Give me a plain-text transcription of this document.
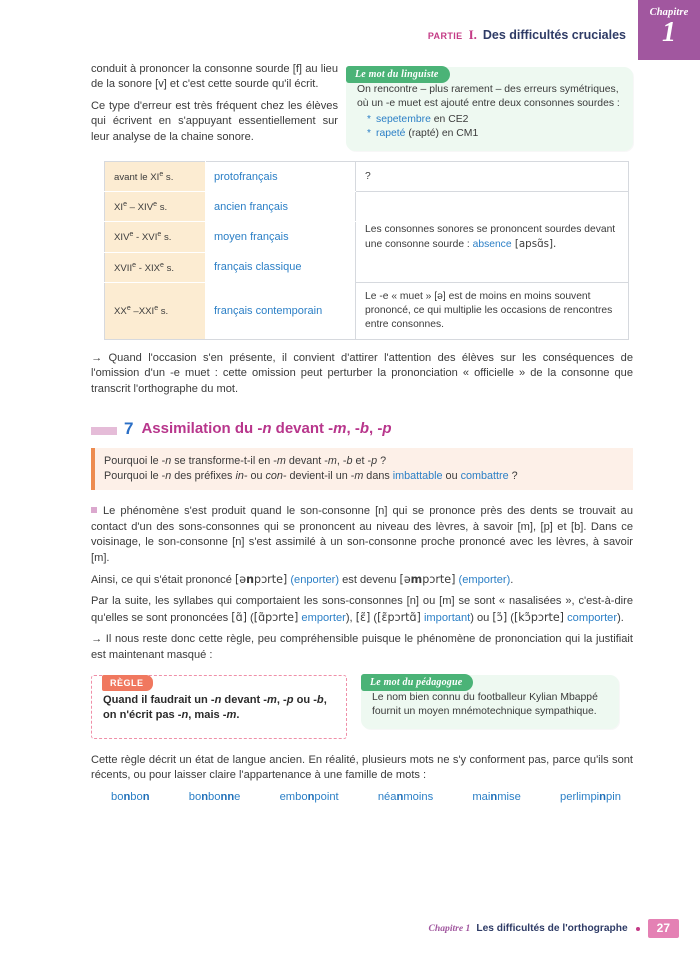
Chapitre
1
PARTIE I. Des difficultés cruciales

conduit à prononcer la consonne sourde [f] au lieu de la sonore [v] et c'est cette sourde qu'il écrit.

Ce type d'erreur est très fréquent chez les élèves qui écrivent en s'appuyant essentiellement sur leur analyse de la chaine sonore.

Le mot du linguiste

On rencontre – plus rarement – des erreurs symétriques, où un -e muet est ajouté entre deux consonnes sourdes :

* sepetembre en CE2
* rapeté (rapté) en CM1
avant le XIe s.	protofrançais	?
XIe – XIVe s.	ancien français	Les consonnes sonores se prononcent sourdes devant une consonne sourde : absence [apsɑ̃s].
XIVe - XVIe s.	moyen français	
XVIIe - XIXe s.	français classique	
XXe –XXIe s.	français contemporain	Le -e « muet » [ə] est de moins en moins souvent prononcé, ce qui multiplie les occasions de rencontres entre consonnes.

→ Quand l'occasion s'en présente, il convient d'attirer l'attention des élèves sur les conséquences de l'omission d'un -e muet : cette omission peut perturber la prononciation « officielle » de la consonne que transcrit l'orthographe du mot.

7 Assimilation du -n devant -m, -b, -p

Pourquoi le -n se transforme-t-il en -m devant -m, -b et -p ?

Pourquoi le -n des préfixes in- ou con- devient-il un -m dans imbattable ou combattre ?

Le phénomène s'est produit quand le son-consonne [n] qui se prononce près des dents se trouvait au contact d'un des sons-consonnes qui se prononcent au niveau des lèvres, à savoir [m], [p] et [b]. Dans ce voisinage, le son-consonne [n] s'est assimilé à un son-consonne proche prononcé avec les lèvres, à savoir [m].

Ainsi, ce qui s'était prononcé [ənpɔrte] (enporter) est devenu [əmpɔrte] (emporter).

Par la suite, les syllabes qui comportaient les sons-consonnes [n] ou [m] se sont « nasalisées », c'est-à-dire qu'elles se sont prononcées [ɑ̃] ([ɑ̃pɔrte] emporter), [ɛ̃] ([ɛ̃pɔrtɑ̃] important) ou [ɔ̃] ([kɔ̃pɔrte] comporter).

→ Il nous reste donc cette règle, peu compréhensible puisque le phénomène de prononciation qui la justifiait est maintenant masqué :

RÈGLE

Quand il faudrait un -n devant -m, -p ou -b, on n'écrit pas -n, mais -m.

Le mot du pédagogue

Le nom bien connu du footballeur Kylian Mbappé fournit un moyen mnémotechnique sympathique.

Cette règle décrit un état de langue ancien. En réalité, plusieurs mots ne s'y conforment pas, parce qu'ils sont récents, ou pour laisser claire l'appartenance à une famille de mots :

bonbon	bonbonne	embonpoint	néanmoins	mainmise	perlimpinpin
Chapitre 1 Les difficultés de l'orthographe	27
